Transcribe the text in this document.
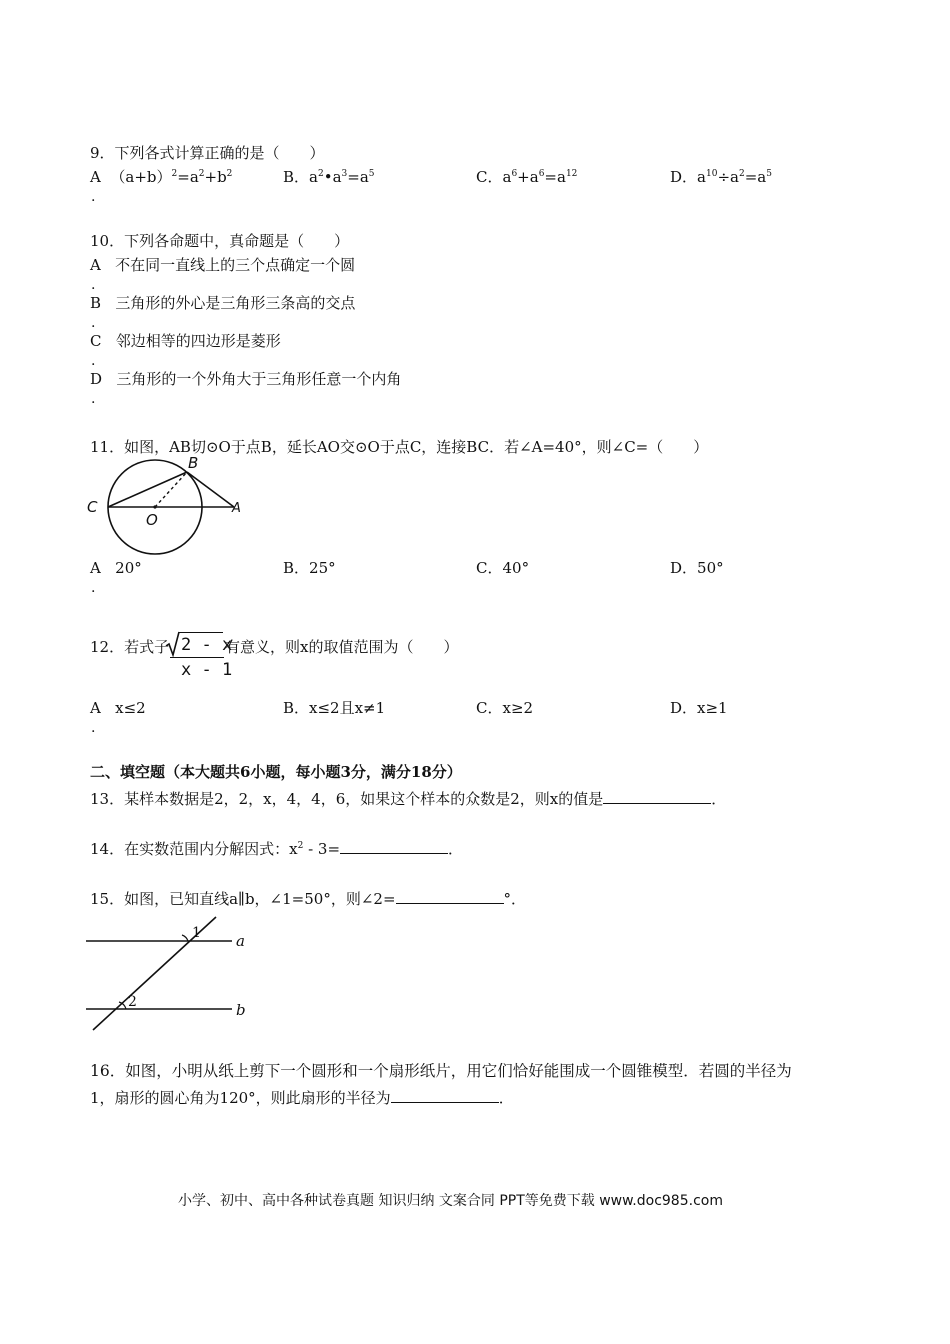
9．下列各式计算正确的是（　　）
A $(a+b)^2=a^2+b^2$
.
B．$a^2•a^3=a^5$	C．$a^6+a^6=a^{12}$	D．$a^{10}\div a^2=a^5$
10．下列各命题中，真命题是（　　）
A 不在同一直线上的三个点确定一个圆
.
B 三角形的外心是三角形三条高的交点
.
C 邻边相等的四边形是菱形
.
D 三角形的一个外角大于三角形任意一个内角
.
11．如图，AB切⊙O于点B，延长AO交⊙O于点C，连接BC．若∠A=40°，则∠C=（　　）
C
B
O
A
A 20°
.
B．25°	C．40°	D．50°
12．若式子 2 - x
x - 1
有意义，则x的取值范围为（　　）
A x≤2
.
B．x≤2且x≠1	C．x≥2	D．x≥1
二、填空题（本大题共6小题，每小题3分，满分18分）
13．某样本数据是2，2，x，4，4，6，如果这个样本的众数是2，则x的值是	．
14．在实数范围内分解因式：$x^2 - 3=$	．
15．如图，已知直线a∥b，∠1=50°，则∠2=	°．
1
2
a
b
16．如图，小明从纸上剪下一个圆形和一个扇形纸片，用它们恰好能围成一个圆锥模型．若圆的半径为
1，扇形的圆心角为120°，则此扇形的半径为	．
小学、初中、高中各种试卷真题 知识归纳 文案合同 PPT等免费下载 www.doc985.com
